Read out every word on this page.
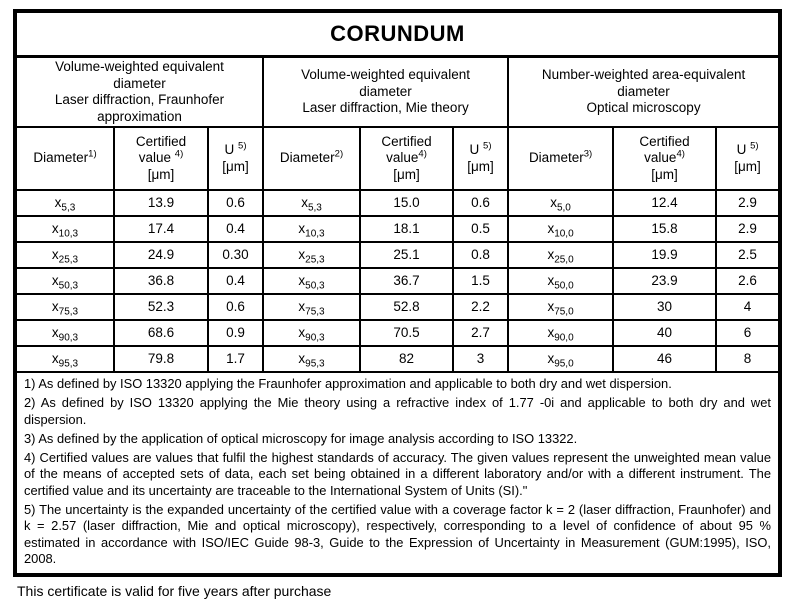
CORUNDUM
Volume-weighted equivalent
diameter
Laser diffraction, Fraunhofer
approximation			Volume-weighted equivalent
diameter
Laser diffraction, Mie theory			Number-weighted area-equivalent
diameter
Optical microscopy		
Diameter$^{1)}$	Certified
value $^{4)}$
[μm]	U $^{5)}$
[μm]	Diameter$^{2)}$	Certified
value$^{4)}$
[μm]	U $^{5)}$
[μm]	Diameter$^{3)}$	Certified
value$^{4)}$
[μm]	U $^{5)}$
[μm]
$x_{5,3}$	13.9	0.6	$x_{5,3}$	15.0	0.6	$x_{5,0}$	12.4	2.9
$x_{10,3}$	17.4	0.4	$x_{10,3}$	18.1	0.5	$x_{10,0}$	15.8	2.9
$x_{25,3}$	24.9	0.30	$x_{25,3}$	25.1	0.8	$x_{25,0}$	19.9	2.5
$x_{50,3}$	36.8	0.4	$x_{50,3}$	36.7	1.5	$x_{50,0}$	23.9	2.6
$x_{75,3}$	52.3	0.6	$x_{75,3}$	52.8	2.2	$x_{75,0}$	30	4
$x_{90,3}$	68.6	0.9	$x_{90,3}$	70.5	2.7	$x_{90,0}$	40	6
$x_{95,3}$	79.8	1.7	$x_{95,3}$	82	3	$x_{95,0}$	46	8

1) As defined by ISO 13320 applying the Fraunhofer approximation and applicable to both dry and wet dispersion.

2) As defined by ISO 13320 applying the Mie theory using a refractive index of 1.77 -0i and applicable to both dry and wet dispersion.

3) As defined by the application of optical microscopy for image analysis according to ISO 13322.

4) Certified values are values that fulfil the highest standards of accuracy. The given values represent the unweighted mean value of the means of accepted sets of data, each set being obtained in a different laboratory and/or with a different instrument. The certified value and its uncertainty are traceable to the International System of Units (SI)."

5) The uncertainty is the expanded uncertainty of the certified value with a coverage factor k = 2 (laser diffraction, Fraunhofer) and k = 2.57 (laser diffraction, Mie and optical microscopy), respectively, corresponding to a level of confidence of about 95 % estimated in accordance with ISO/IEC Guide 98-3, Guide to the Expression of Uncertainty in Measurement (GUM:1995), ISO, 2008.

This certificate is valid for five years after purchase
